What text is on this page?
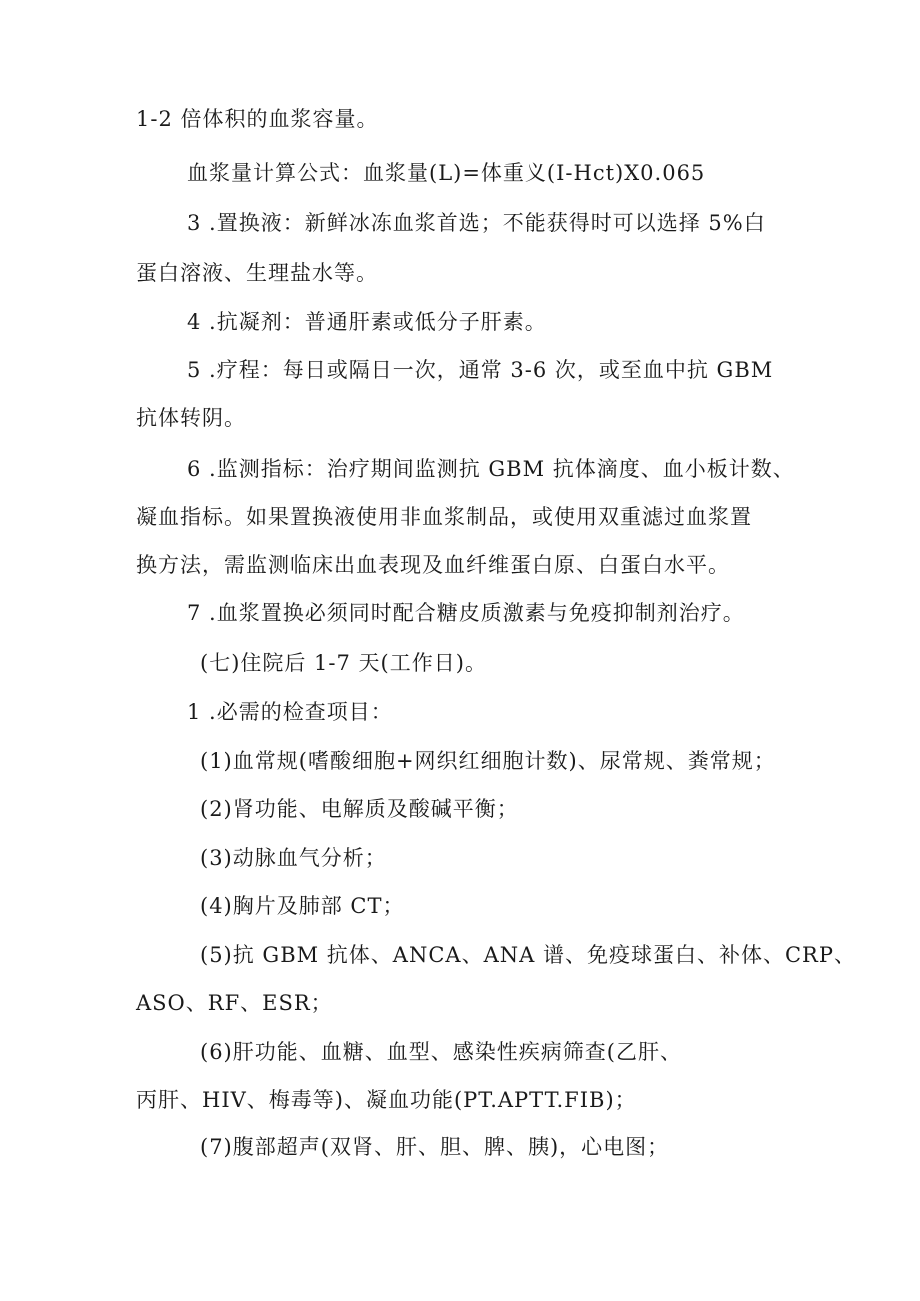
1-2 倍体积的血浆容量。
血浆量计算公式：血浆量(L)=体重义(I-Hct)X0.065
3 .置换液：新鲜冰冻血浆首选；不能获得时可以选择 5%白
蛋白溶液、生理盐水等。
4 .抗凝剂：普通肝素或低分子肝素。
5 .疗程：每日或隔日一次，通常 3-6 次，或至血中抗 GBM
抗体转阴。
6 .监测指标：治疗期间监测抗 GBM 抗体滴度、血小板计数、
凝血指标。如果置换液使用非血浆制品，或使用双重滤过血浆置
换方法，需监测临床出血表现及血纤维蛋白原、白蛋白水平。
7 .血浆置换必须同时配合糖皮质激素与免疫抑制剂治疗。
(七)住院后 1-7 天(工作日)。
1 .必需的检查项目：
(1)血常规(嗜酸细胞+网织红细胞计数)、尿常规、粪常规；
(2)肾功能、电解质及酸碱平衡；
(3)动脉血气分析；
(4)胸片及肺部 CT；
(5)抗 GBM 抗体、ANCA、ANA 谱、免疫球蛋白、补体、CRP、
ASO、RF、ESR；
(6)肝功能、血糖、血型、感染性疾病筛查(乙肝、
丙肝、HIV、梅毒等)、凝血功能(PT.APTT.FIB)；
(7)腹部超声(双肾、肝、胆、脾、胰)，心电图；
